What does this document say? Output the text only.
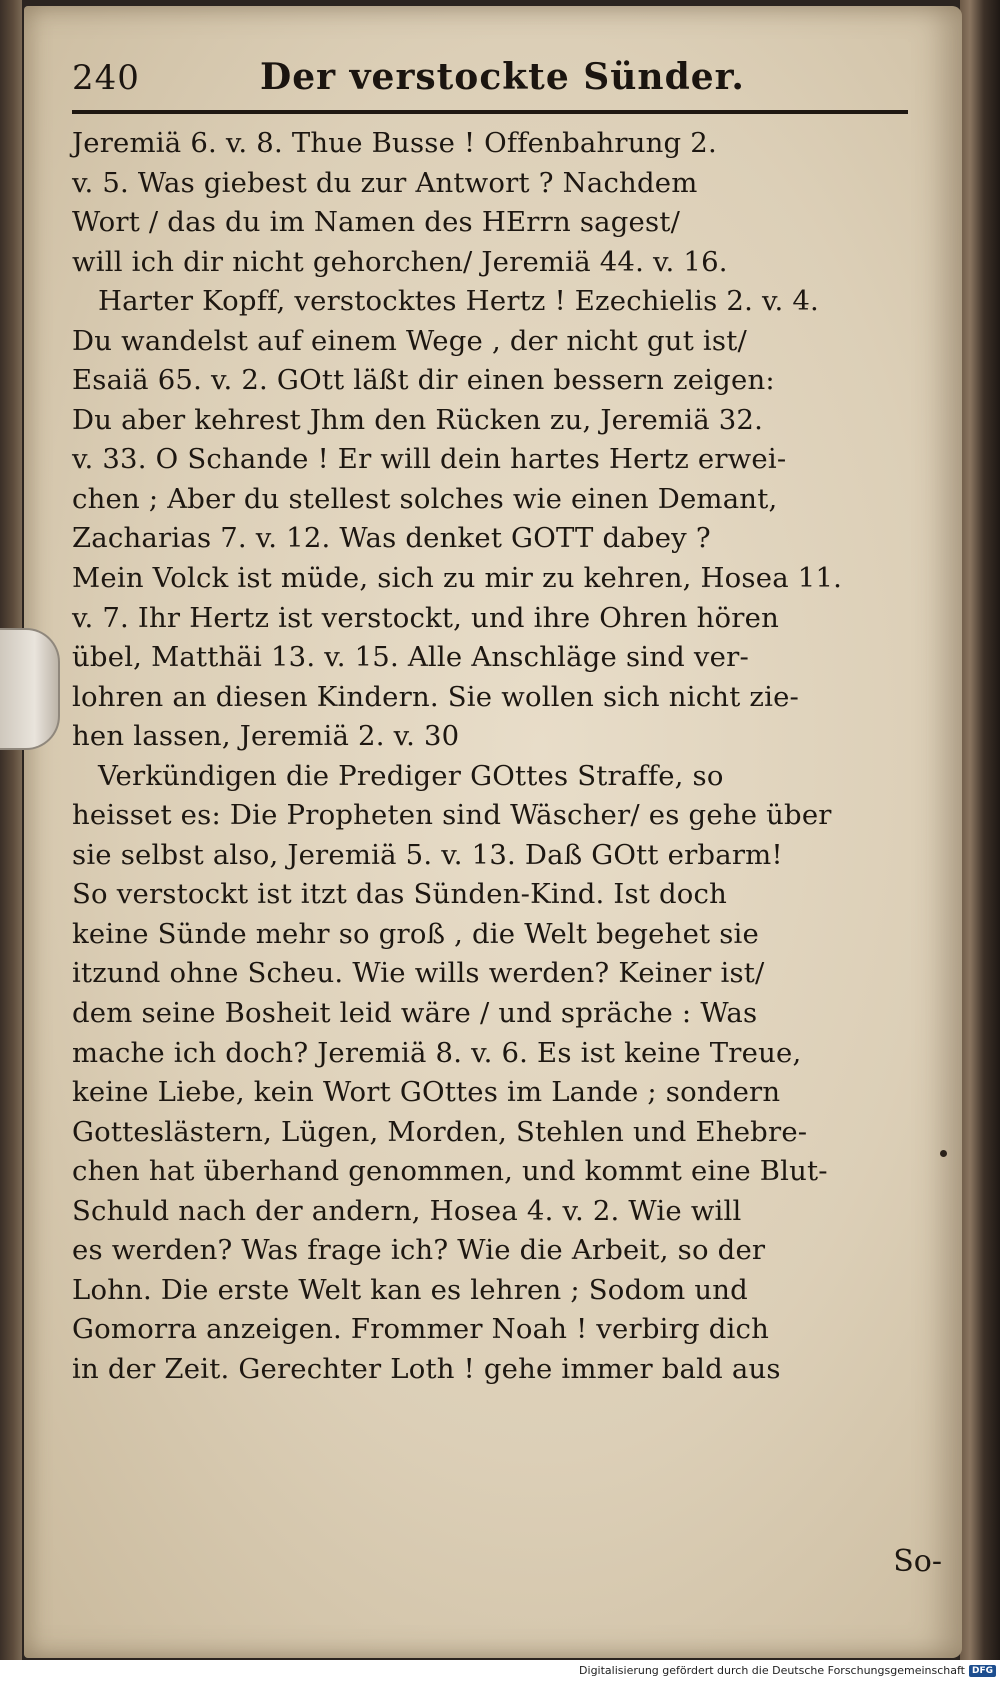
240	Der verstockte Sünder.
Jeremiä 6. v. 8. Thue Busse ! Offenbahrung 2.
v. 5. Was giebest du zur Antwort ? Nachdem
Wort / das du im Namen des HErrn sagest/
will ich dir nicht gehorchen/ Jeremiä 44. v. 16.
Harter Kopff, verstocktes Hertz ! Ezechielis 2. v. 4.
Du wandelst auf einem Wege , der nicht gut ist/
Esaiä 65. v. 2. GOtt läßt dir einen bessern zeigen:
Du aber kehrest Jhm den Rücken zu, Jeremiä 32.
v. 33. O Schande ! Er will dein hartes Hertz erwei-
chen ; Aber du stellest solches wie einen Demant,
Zacharias 7. v. 12. Was denket GOTT dabey ?
Mein Volck ist müde, sich zu mir zu kehren, Hosea 11.
v. 7. Ihr Hertz ist verstockt, und ihre Ohren hören
übel, Matthäi 13. v. 15. Alle Anschläge sind ver-
lohren an diesen Kindern. Sie wollen sich nicht zie-
hen lassen, Jeremiä 2. v. 30
Verkündigen die Prediger GOttes Straffe, so
heisset es: Die Propheten sind Wäscher/ es gehe über
sie selbst also, Jeremiä 5. v. 13. Daß GOtt erbarm!
So verstockt ist itzt das Sünden-Kind. Ist doch
keine Sünde mehr so groß , die Welt begehet sie
itzund ohne Scheu. Wie wills werden? Keiner ist/
dem seine Bosheit leid wäre / und spräche : Was
mache ich doch? Jeremiä 8. v. 6. Es ist keine Treue,
keine Liebe, kein Wort GOttes im Lande ; sondern
Gotteslästern, Lügen, Morden, Stehlen und Ehebre-
chen hat überhand genommen, und kommt eine Blut-
Schuld nach der andern, Hosea 4. v. 2. Wie will
es werden? Was frage ich? Wie die Arbeit, so der
Lohn. Die erste Welt kan es lehren ; Sodom und
Gomorra anzeigen. Frommer Noah ! verbirg dich
in der Zeit. Gerechter Loth ! gehe immer bald aus
So-
Digitalisierung gefördert durch die Deutsche Forschungsgemeinschaft DFG
